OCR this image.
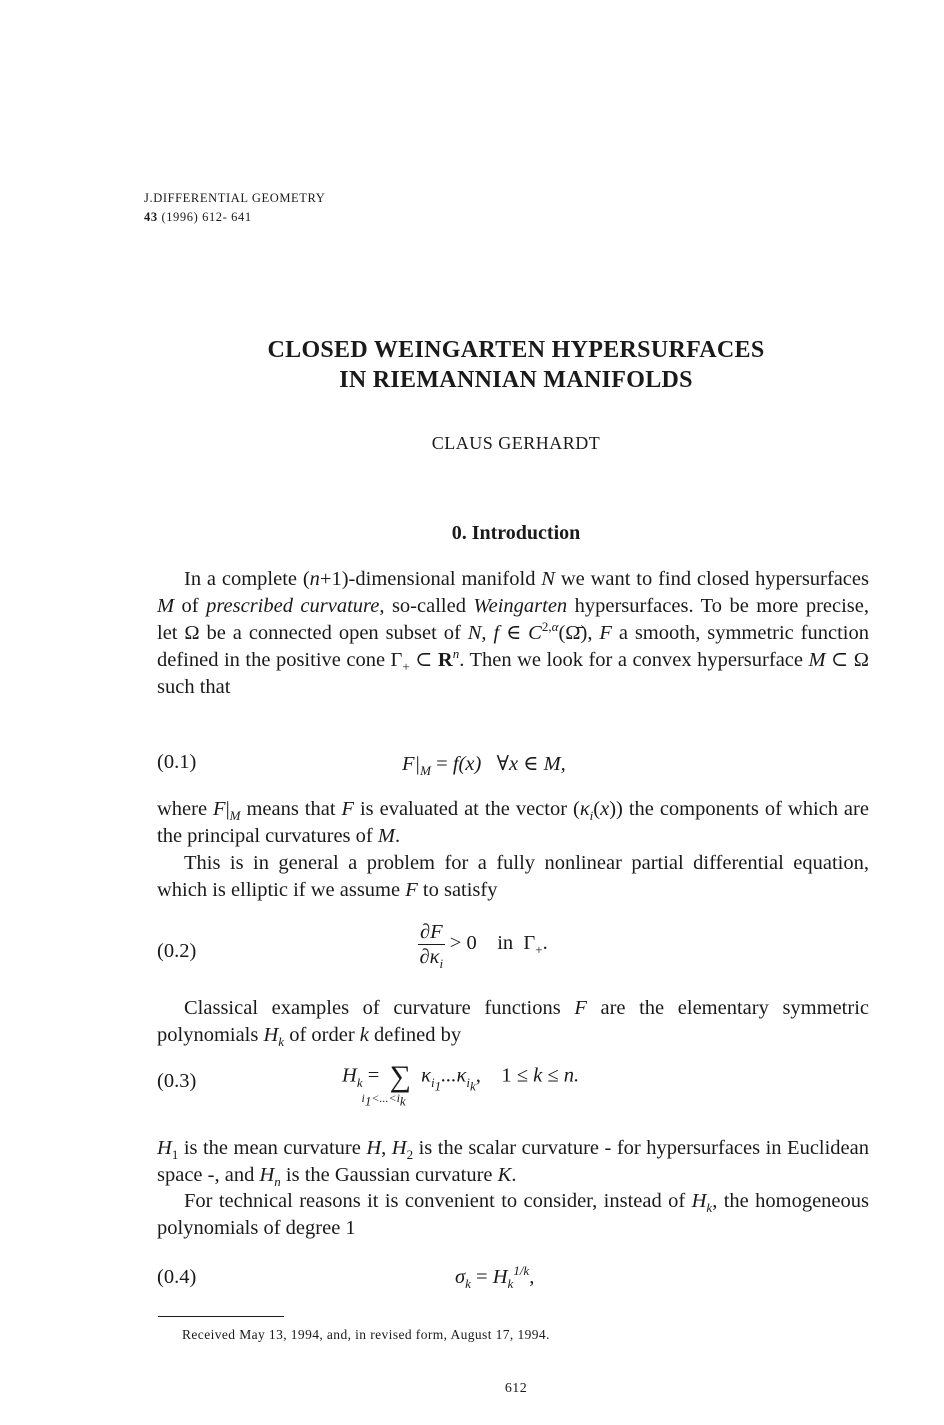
J.DIFFERENTIAL GEOMETRY
43 (1996) 612- 641
CLOSED WEINGARTEN HYPERSURFACES
IN RIEMANNIAN MANIFOLDS
CLAUS GERHARDT
0. Introduction
In a complete (n+1)-dimensional manifold N we want to find closed hypersurfaces M of prescribed curvature, so-called Weingarten hypersurfaces. To be more precise, let Ω be a connected open subset of N, f ∈ $C^{2,\alpha}(\Omegā)$, F a smooth, symmetric function defined in the positive cone $\Gamma_+$ ⊂ $R^n$. Then we look for a convex hypersurface M ⊂ Ω such that
(0.1)	$F|_M = f(x)$   ∀x ∈ M,
where $F|_M$ means that F is evaluated at the vector $(\kappa_i(x))$ the components of which are the principal curvatures of M.
This is in general a problem for a fully nonlinear partial differential equation, which is elliptic if we assume F to satisfy
(0.2)	$\frac{\partial F}{\partial\kappa_i} > 0$    in  $\Gamma_+$.
Classical examples of curvature functions F are the elementary symmetric polynomials $H_k$ of order k defined by
(0.3)	$H_k$ = ∑
$i_1<...<i_k$
$\kappa_{i_1}...\kappa_{i_k}$,    1 ≤ k ≤ n.
$H_1$ is the mean curvature H, $H_2$ is the scalar curvature - for hypersurfaces in Euclidean space -, and $H_n$ is the Gaussian curvature K.
For technical reasons it is convenient to consider, instead of $H_k$, the homogeneous polynomials of degree 1
(0.4)	$\sigma_k = H_k^{1/k}$,
Received May 13, 1994, and, in revised form, August 17, 1994.
612
